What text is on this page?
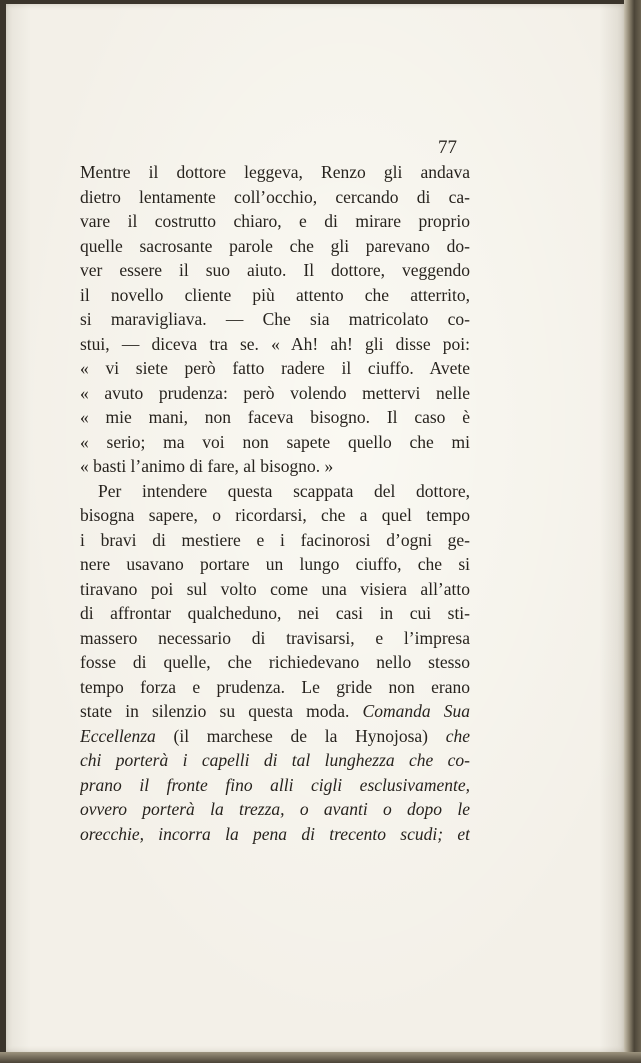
77
Mentre il dottore leggeva, Renzo gli andava
dietro lentamente coll’occhio, cercando di ca-
vare il costrutto chiaro, e di mirare proprio
quelle sacrosante parole che gli parevano do-
ver essere il suo aiuto. Il dottore, veggendo
il novello cliente più attento che atterrito,
si maravigliava. — Che sia matricolato co-
stui, — diceva tra se. « Ah! ah! gli disse poi:
« vi siete però fatto radere il ciuffo. Avete
« avuto prudenza: però volendo mettervi nelle
« mie mani, non faceva bisogno. Il caso è
« serio; ma voi non sapete quello che mi
« basti l’animo di fare, al bisogno. »
Per intendere questa scappata del dottore,
bisogna sapere, o ricordarsi, che a quel tempo
i bravi di mestiere e i facinorosi d’ogni ge-
nere usavano portare un lungo ciuffo, che si
tiravano poi sul volto come una visiera all’atto
di affrontar qualcheduno, nei casi in cui sti-
massero necessario di travisarsi, e l’impresa
fosse di quelle, che richiedevano nello stesso
tempo forza e prudenza. Le gride non erano
state in silenzio su questa moda. Comanda Sua
Eccellenza (il marchese de la Hynojosa) che
chi porterà i capelli di tal lunghezza che co-
prano il fronte fino alli cigli esclusivamente,
ovvero porterà la trezza, o avanti o dopo le
orecchie, incorra la pena di trecento scudi; et
